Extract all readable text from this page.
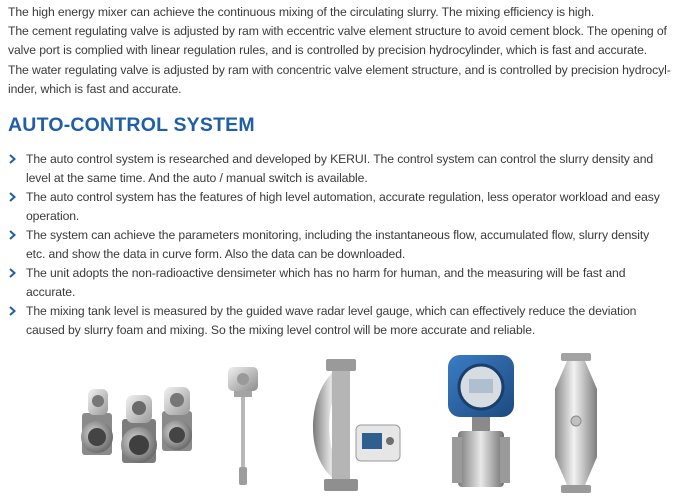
The high energy mixer can achieve the continuous mixing of the circulating slurry. The mixing efficiency is high.

The cement regulating valve is adjusted by ram with eccentric valve element structure to avoid cement block. The opening of valve port is complied with linear regulation rules, and is controlled by precision hydrocylinder, which is fast and accurate.

The water regulating valve is adjusted by ram with concentric valve element structure, and is controlled by precision hydrocyl-inder, which is fast and accurate.

AUTO-CONTROL SYSTEM
The auto control system is researched and developed by KERUI. The control system can control the slurry density and level at the same time. And the auto / manual switch is available.
The auto control system has the features of high level automation, accurate regulation, less operator workload and easy operation.
The system can achieve the parameters monitoring, including the instantaneous flow, accumulated flow, slurry density etc. and show the data in curve form. Also the data can be downloaded.
The unit adopts the non-radioactive densimeter which has no harm for human, and the measuring will be fast and accurate.
The mixing tank level is measured by the guided wave radar level gauge, which can effectively reduce the deviation caused by slurry foam and mixing. So the mixing level control will be more accurate and reliable.
